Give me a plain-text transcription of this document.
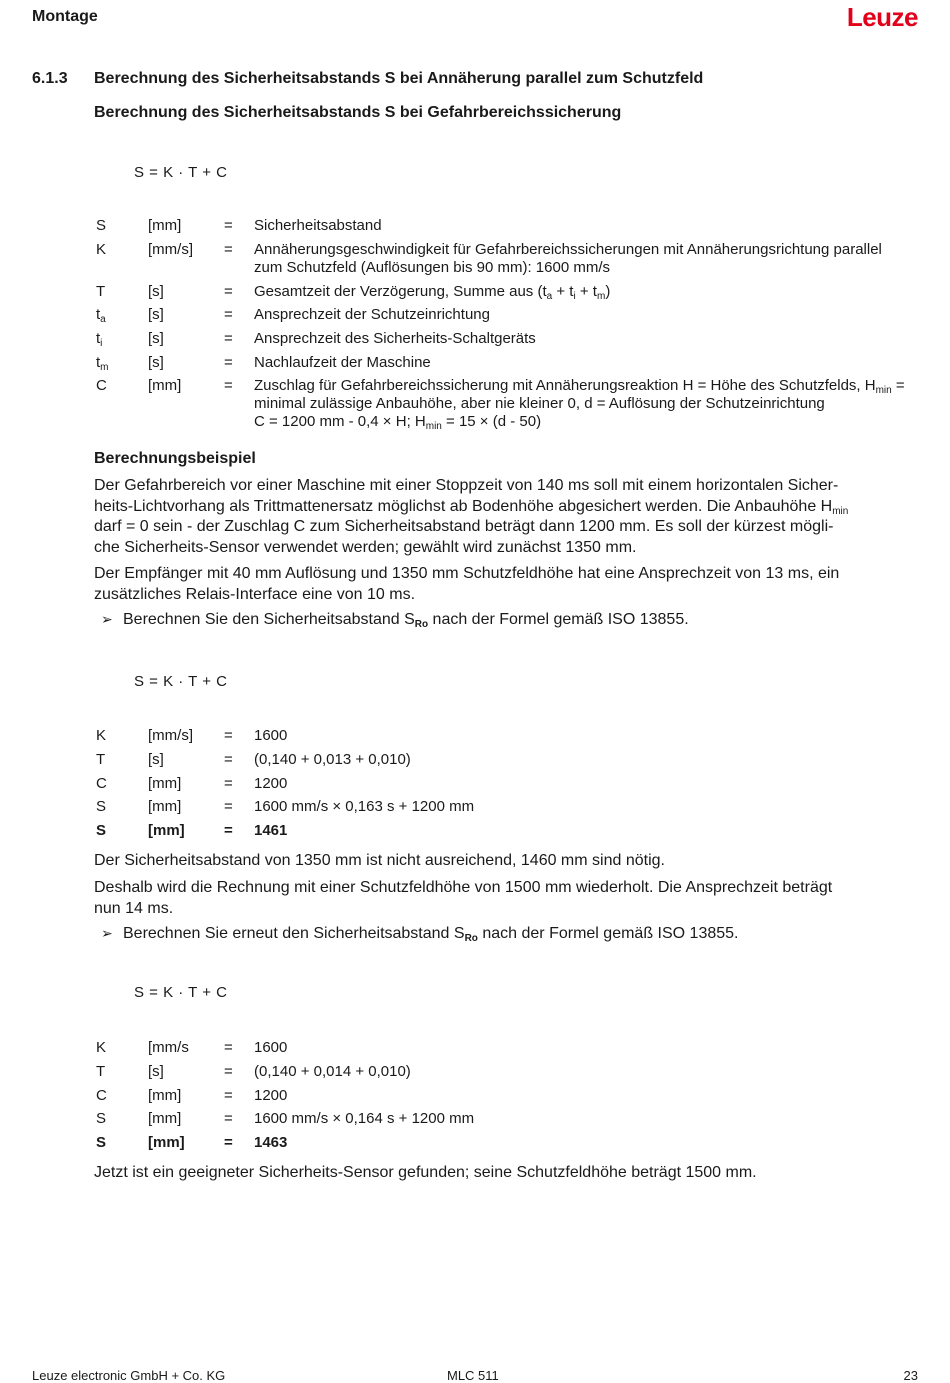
Montage	Leuze
6.1.3 Berechnung des Sicherheitsabstands S bei Annäherung parallel zum Schutzfeld
Berechnung des Sicherheitsabstands S bei Gefahrbereichssicherung
S = K · T + C
S	[mm]	= Sicherheitsabstand
K	[mm/s]	= Annäherungsgeschwindigkeit für Gefahrbereichssicherungen mit Annäherungsrichtung parallel zum Schutzfeld (Auflösungen bis 90 mm): 1600 mm/s
T	[s]	= Gesamtzeit der Verzögerung, Summe aus $(t_a + t_i + t_m)$
$t_a$	[s]	= Ansprechzeit der Schutzeinrichtung
$t_i$	[s]	= Ansprechzeit des Sicherheits-Schaltgeräts
$t_m$	[s]	= Nachlaufzeit der Maschine
C	[mm]	= Zuschlag für Gefahrbereichssicherung mit Annäherungsreaktion H = Höhe des Schutzfelds, $H_{min}$ = minimal zulässige Anbauhöhe, aber nie kleiner 0, d = Auflösung der Schutzeinrichtung
C = 1200 mm - 0,4 × H; $H_{min} = 15 \times (d - 50)$
Berechnungsbeispiel
Der Gefahrbereich vor einer Maschine mit einer Stoppzeit von 140 ms soll mit einem horizontalen Sicher-
heits-Lichtvorhang als Trittmattenersatz möglichst ab Bodenhöhe abgesichert werden. Die Anbauhöhe $H_{min}$
darf = 0 sein - der Zuschlag C zum Sicherheitsabstand beträgt dann 1200 mm. Es soll der kürzest mögli-
che Sicherheits-Sensor verwendet werden; gewählt wird zunächst 1350 mm.
Der Empfänger mit 40 mm Auflösung und 1350 mm Schutzfeldhöhe hat eine Ansprechzeit von 13 ms, ein
zusätzliches Relais-Interface eine von 10 ms.
➢ Berechnen Sie den Sicherheitsabstand $S_{Ro}$ nach der Formel gemäß ISO 13855.
S = K · T + C
K	[mm/s]	= 1600
T	[s]	= (0,140 + 0,013 + 0,010)
C	[mm]	= 1200
S	[mm]	= 1600 mm/s × 0,163 s + 1200 mm
S	[mm]	= 1461
Der Sicherheitsabstand von 1350 mm ist nicht ausreichend, 1460 mm sind nötig.
Deshalb wird die Rechnung mit einer Schutzfeldhöhe von 1500 mm wiederholt. Die Ansprechzeit beträgt
nun 14 ms.
➢ Berechnen Sie erneut den Sicherheitsabstand $S_{Ro}$ nach der Formel gemäß ISO 13855.
S = K · T + C
K	[mm/s	= 1600
T	[s]	= (0,140 + 0,014 + 0,010)
C	[mm]	= 1200
S	[mm]	= 1600 mm/s × 0,164 s + 1200 mm
S	[mm]	= 1463
Jetzt ist ein geeigneter Sicherheits-Sensor gefunden; seine Schutzfeldhöhe beträgt 1500 mm.
Leuze electronic GmbH + Co. KG	MLC 511	23
